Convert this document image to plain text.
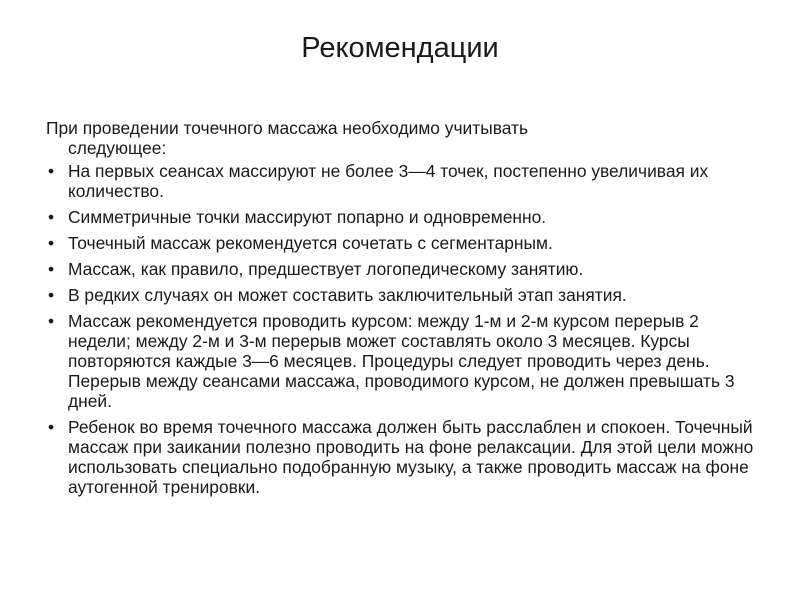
Рекомендации
При проведении точечного массажа необходимо учитывать
следующее:
• На первых сеансах массируют не более 3—4 точек, постепенно увеличивая их количество.
• Симметричные точки массируют попарно и одновременно.
• Точечный массаж рекомендуется сочетать с сегментарным.
• Массаж, как правило, предшествует логопедическому занятию.
• В редких случаях он может составить заключительный этап занятия.
• Массаж рекомендуется проводить курсом: между 1-м и 2-м курсом перерыв 2 недели; между 2-м и 3-м перерыв может составлять около 3 месяцев. Курсы повторяются каждые 3—6 месяцев. Процедуры следует проводить через день. Перерыв между сеансами массажа, проводимого курсом, не должен превышать 3 дней.
• Ребенок во время точечного массажа должен быть расслаблен и спокоен. Точечный массаж при заикании полезно проводить на фоне релаксации. Для этой цели можно использовать специально подобранную музыку, а также проводить массаж на фоне аутогенной тренировки.
